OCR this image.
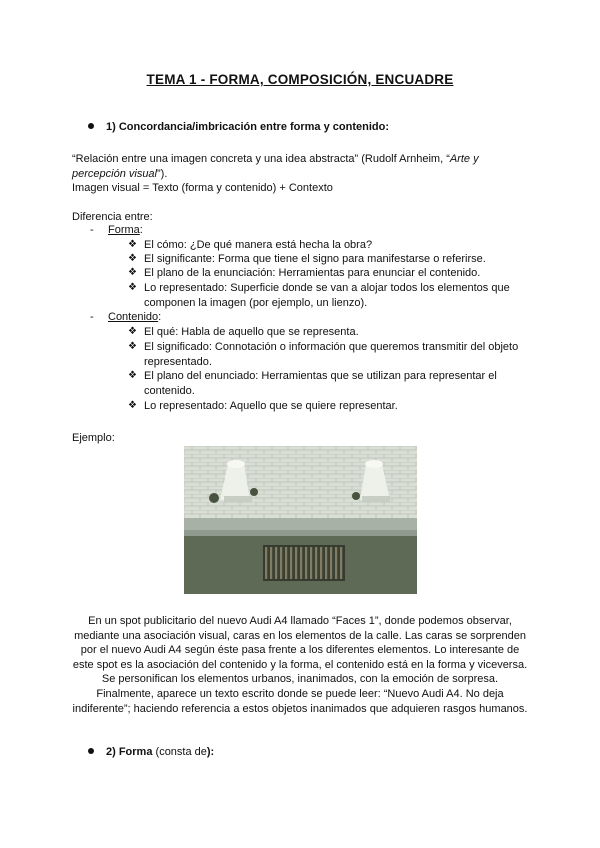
TEMA 1 - FORMA, COMPOSICIÓN, ENCUADRE
1) Concordancia/imbricación entre forma y contenido:
“Relación entre una imagen concreta y una idea abstracta” (Rudolf Arnheim, “Arte y
percepción visual”).
Imagen visual = Texto (forma y contenido) + Contexto
Diferencia entre:
- Forma:
❖ El cómo: ¿De qué manera está hecha la obra?
❖ El significante: Forma que tiene el signo para manifestarse o referirse.
❖ El plano de la enunciación: Herramientas para enunciar el contenido.
❖ Lo representado: Superficie donde se van a alojar todos los elementos que componen la imagen (por ejemplo, un lienzo).
- Contenido:
❖ El qué: Habla de aquello que se representa.
❖ El significado: Connotación o información que queremos transmitir del objeto representado.
❖ El plano del enunciado: Herramientas que se utilizan para representar el contenido.
❖ Lo representado: Aquello que se quiere representar.
Ejemplo:
En un spot publicitario del nuevo Audi A4 llamado “Faces 1”, donde podemos observar, mediante una asociación visual, caras en los elementos de la calle. Las caras se sorprenden por el nuevo Audi A4 según éste pasa frente a los diferentes elementos. Lo interesante de este spot es la asociación del contenido y la forma, el contenido está en la forma y viceversa. Se personifican los elementos urbanos, inanimados, con la emoción de sorpresa. Finalmente, aparece un texto escrito donde se puede leer: “Nuevo Audi A4. No deja indiferente”; haciendo referencia a estos objetos inanimados que adquieren rasgos humanos.
2) Forma (consta de):
